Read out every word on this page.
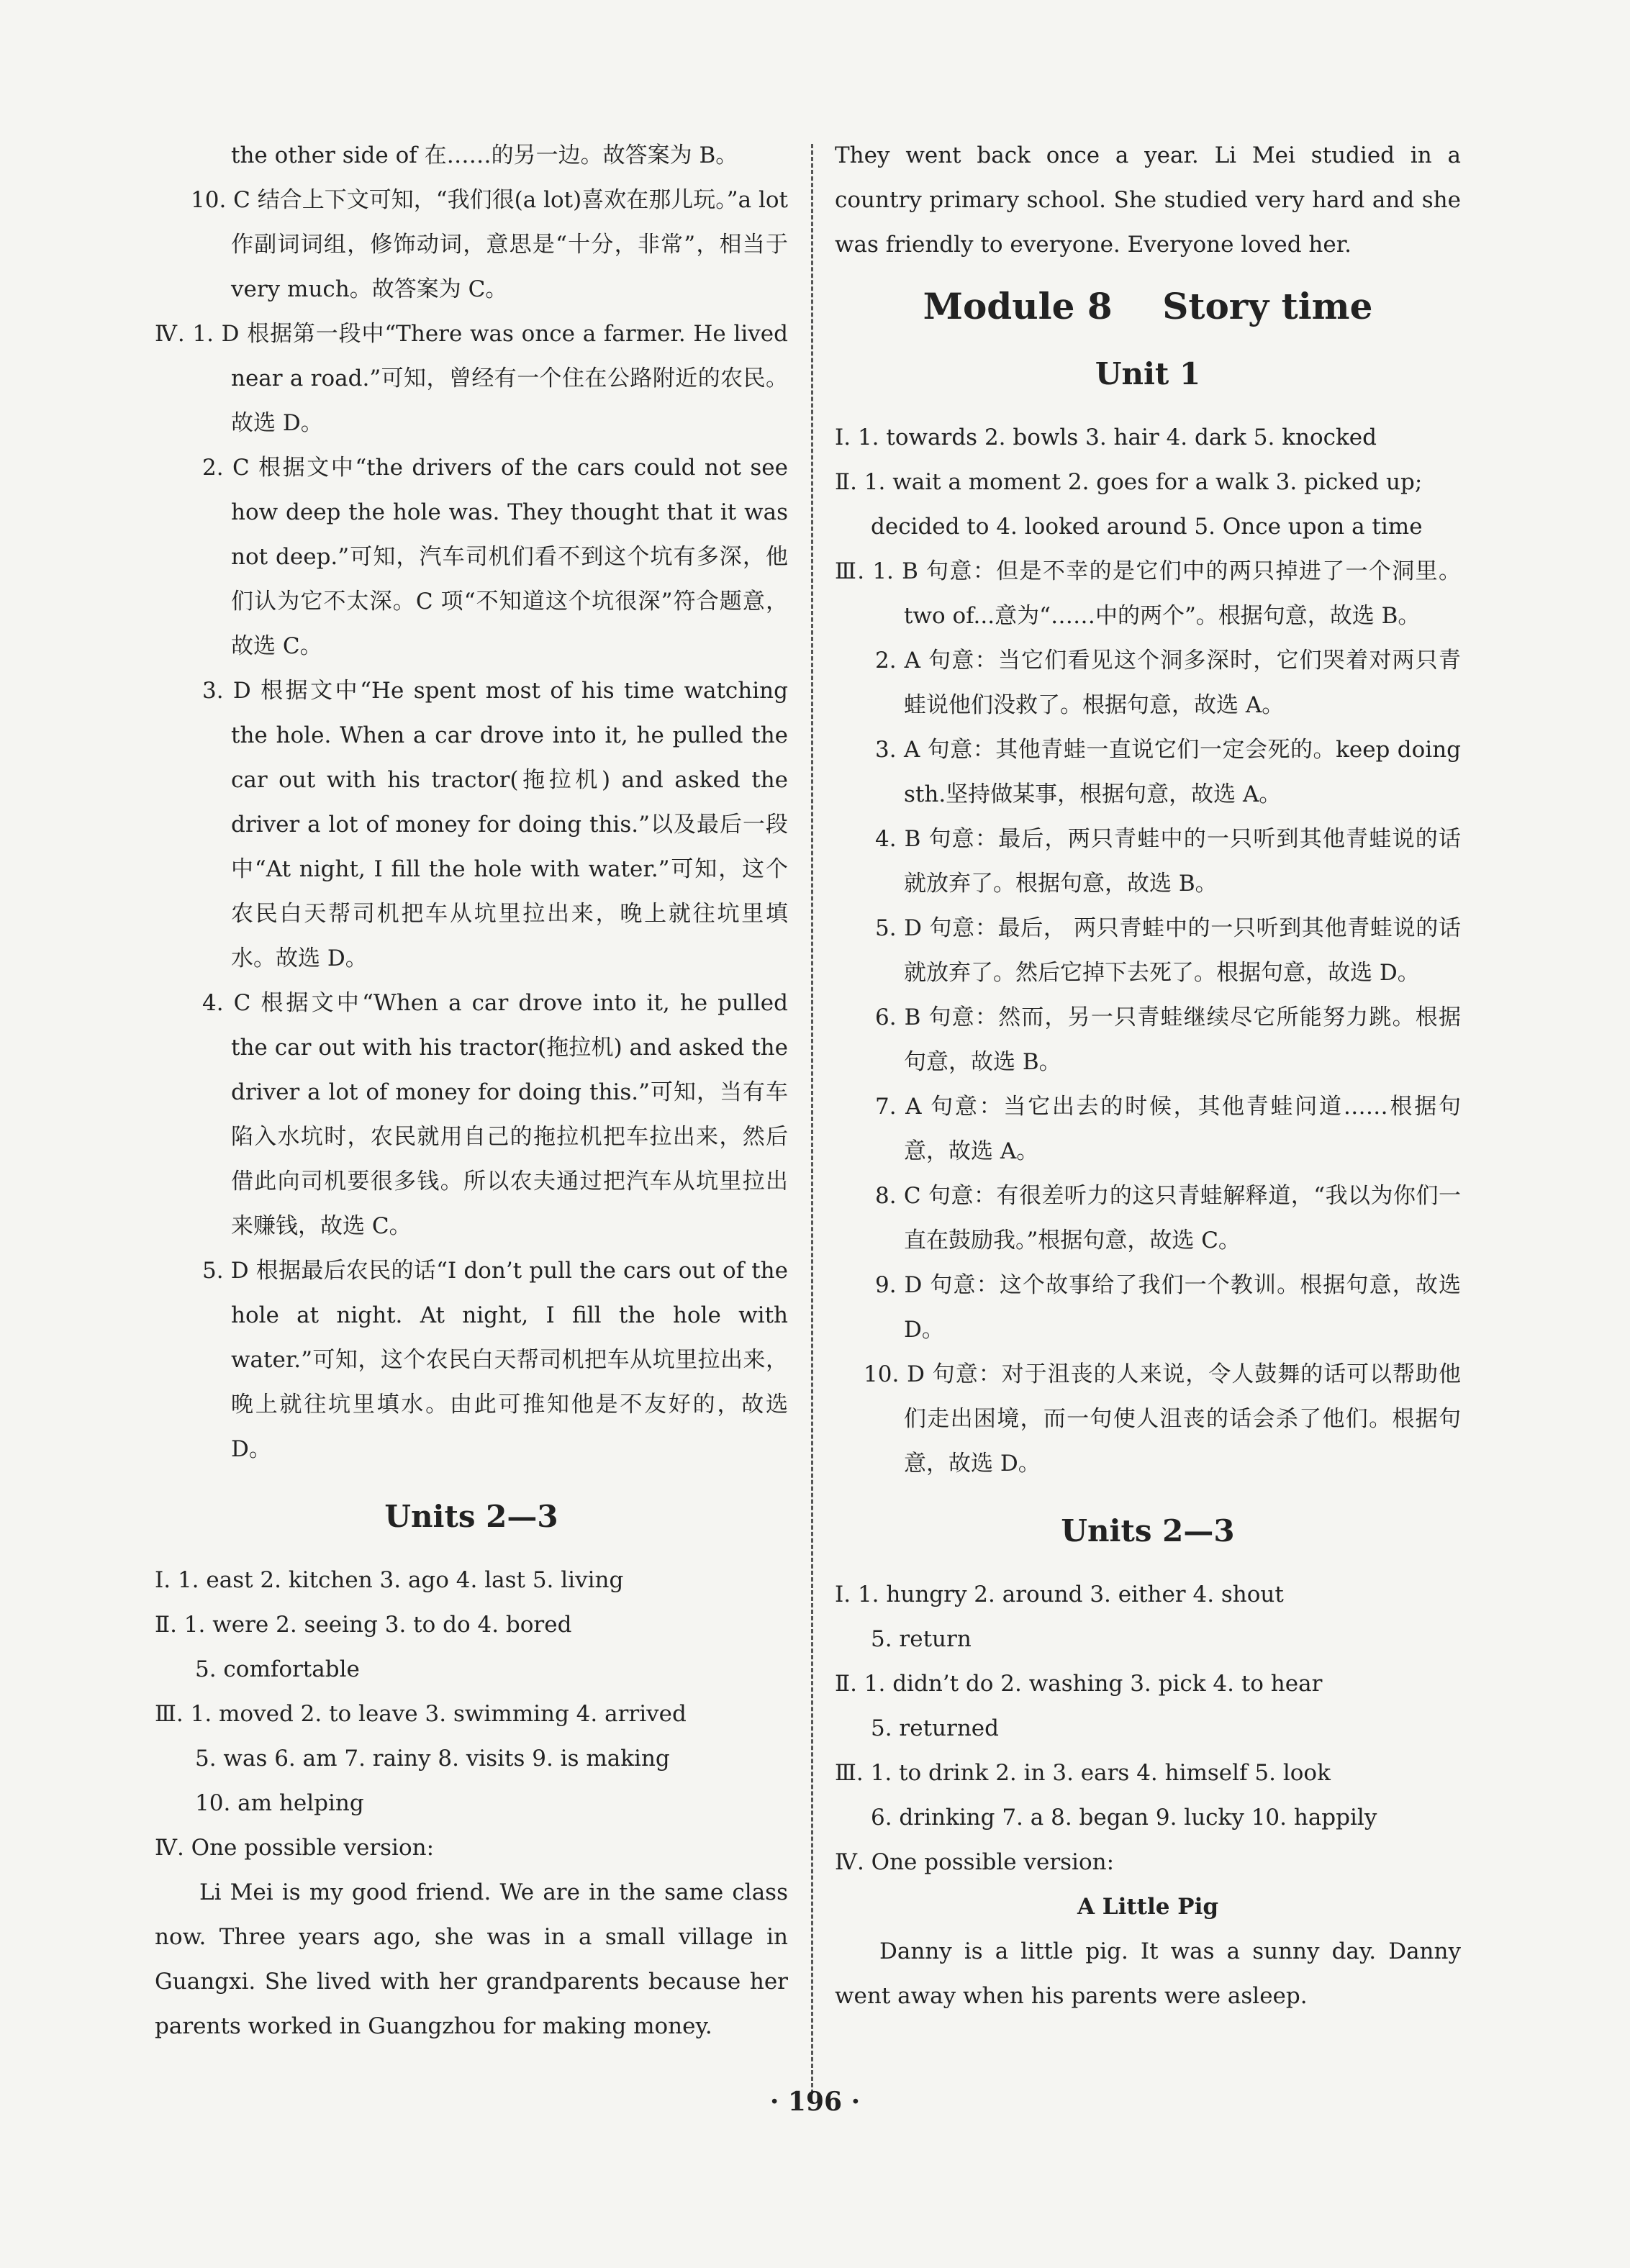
the other side of 在……的另一边。故答案为 B。

10. C 结合上下文可知，“我们很(a lot)喜欢在那儿玩。”a lot 作副词词组，修饰动词，意思是“十分，非常”，相当于 very much。故答案为 C。

Ⅳ. 1. D 根据第一段中“There was once a farmer. He lived near a road.”可知，曾经有一个住在公路附近的农民。故选 D。

2. C 根据文中“the drivers of the cars could not see how deep the hole was. They thought that it was not deep.”可知，汽车司机们看不到这个坑有多深，他们认为它不太深。C 项“不知道这个坑很深”符合题意，故选 C。

3. D 根据文中“He spent most of his time watching the hole. When a car drove into it, he pulled the car out with his tractor(拖拉机) and asked the driver a lot of money for doing this.”以及最后一段中“At night, I fill the hole with water.”可知，这个农民白天帮司机把车从坑里拉出来，晚上就往坑里填水。故选 D。

4. C 根据文中“When a car drove into it, he pulled the car out with his tractor(拖拉机) and asked the driver a lot of money for doing this.”可知，当有车陷入水坑时，农民就用自己的拖拉机把车拉出来，然后借此向司机要很多钱。所以农夫通过把汽车从坑里拉出来赚钱，故选 C。

5. D 根据最后农民的话“I don’t pull the cars out of the hole at night. At night, I fill the hole with water.”可知，这个农民白天帮司机把车从坑里拉出来，晚上就往坑里填水。由此可推知他是不友好的，故选 D。

Units 2—3
Ⅰ. 1. east 2. kitchen 3. ago 4. last 5. living
Ⅱ. 1. were 2. seeing 3. to do 4. bored
5. comfortable
Ⅲ. 1. moved 2. to leave 3. swimming 4. arrived
5. was 6. am 7. rainy 8. visits 9. is making
10. am helping
Ⅳ. One possible version:

Li Mei is my good friend. We are in the same class now. Three years ago, she was in a small village in Guangxi. She lived with her grandparents because her parents worked in Guangzhou for making money.

They went back once a year. Li Mei studied in a country primary school. She studied very hard and she was friendly to everyone. Everyone loved her.

Module 8    Story time
Unit 1
Ⅰ. 1. towards 2. bowls 3. hair 4. dark 5. knocked
Ⅱ. 1. wait a moment 2. goes for a walk 3. picked up;
decided to 4. looked around 5. Once upon a time

Ⅲ. 1. B 句意：但是不幸的是它们中的两只掉进了一个洞里。two of...意为“……中的两个”。根据句意，故选 B。

2. A 句意：当它们看见这个洞多深时，它们哭着对两只青蛙说他们没救了。根据句意，故选 A。

3. A 句意：其他青蛙一直说它们一定会死的。keep doing sth.坚持做某事，根据句意，故选 A。

4. B 句意：最后，两只青蛙中的一只听到其他青蛙说的话就放弃了。根据句意，故选 B。

5. D 句意：最后， 两只青蛙中的一只听到其他青蛙说的话就放弃了。然后它掉下去死了。根据句意，故选 D。

6. B 句意：然而，另一只青蛙继续尽它所能努力跳。根据句意，故选 B。

7. A 句意：当它出去的时候，其他青蛙问道……根据句意，故选 A。

8. C 句意：有很差听力的这只青蛙解释道，“我以为你们一直在鼓励我。”根据句意，故选 C。

9. D 句意：这个故事给了我们一个教训。根据句意，故选 D。

10. D 句意：对于沮丧的人来说，令人鼓舞的话可以帮助他们走出困境，而一句使人沮丧的话会杀了他们。根据句意，故选 D。

Units 2—3
Ⅰ. 1. hungry 2. around 3. either 4. shout
5. return
Ⅱ. 1. didn’t do 2. washing 3. pick 4. to hear
5. returned
Ⅲ. 1. to drink 2. in 3. ears 4. himself 5. look
6. drinking 7. a 8. began 9. lucky 10. happily
Ⅳ. One possible version:
A Little Pig

Danny is a little pig. It was a sunny day. Danny went away when his parents were asleep.

· 196 ·
